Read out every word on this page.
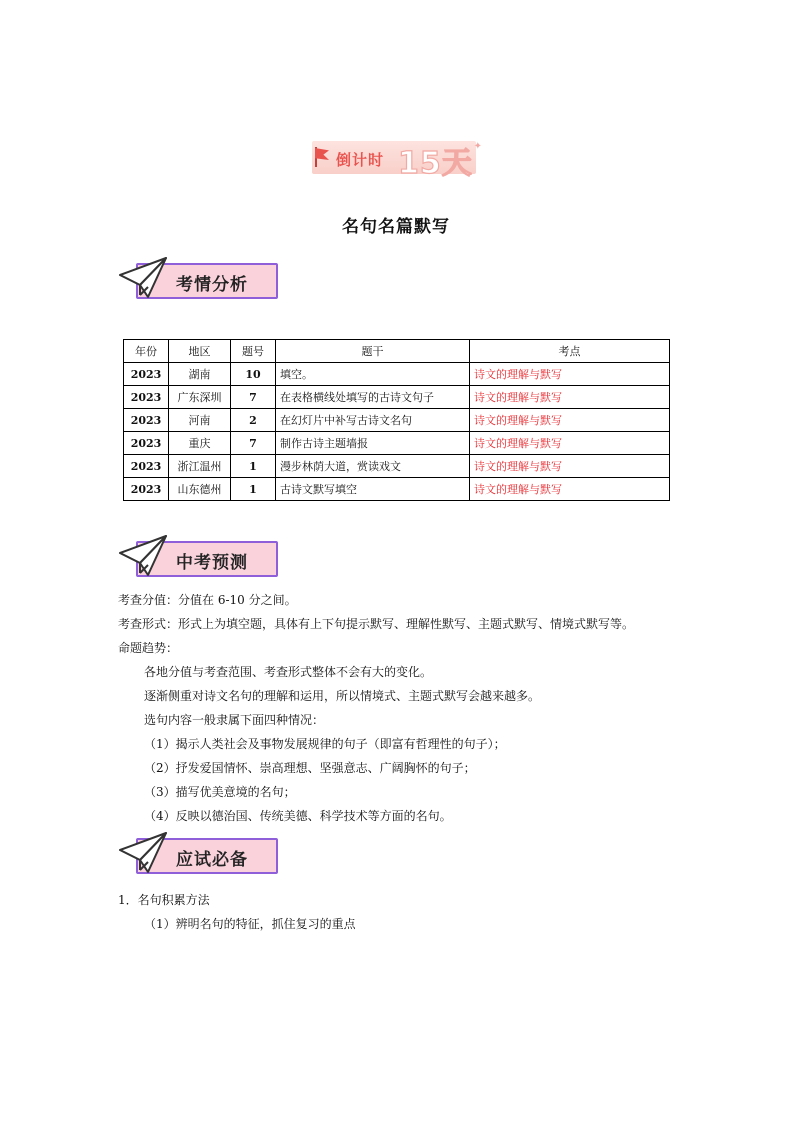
倒计时 15天 ✦
名句名篇默写
考情分析
年份	地区	题号	题干	考点
2023	湖南	10	填空。	诗文的理解与默写
2023	广东深圳	7	在表格横线处填写的古诗文句子	诗文的理解与默写
2023	河南	2	在幻灯片中补写古诗文名句	诗文的理解与默写
2023	重庆	7	制作古诗主题墙报	诗文的理解与默写
2023	浙江温州	1	漫步林荫大道，赏读戏文	诗文的理解与默写
2023	山东德州	1	古诗文默写填空	诗文的理解与默写
中考预测
考查分值：分值在 6-10 分之间。
考查形式：形式上为填空题，具体有上下句提示默写、理解性默写、主题式默写、情境式默写等。
命题趋势：
各地分值与考查范围、考查形式整体不会有大的变化。
逐渐侧重对诗文名句的理解和运用，所以情境式、主题式默写会越来越多。
选句内容一般隶属下面四种情况：
（1）揭示人类社会及事物发展规律的句子（即富有哲理性的句子）；
（2）抒发爱国情怀、崇高理想、坚强意志、广阔胸怀的句子；
（3）描写优美意境的名句；
（4）反映以德治国、传统美德、科学技术等方面的名句。
应试必备
1．名句积累方法
（1）辨明名句的特征，抓住复习的重点
